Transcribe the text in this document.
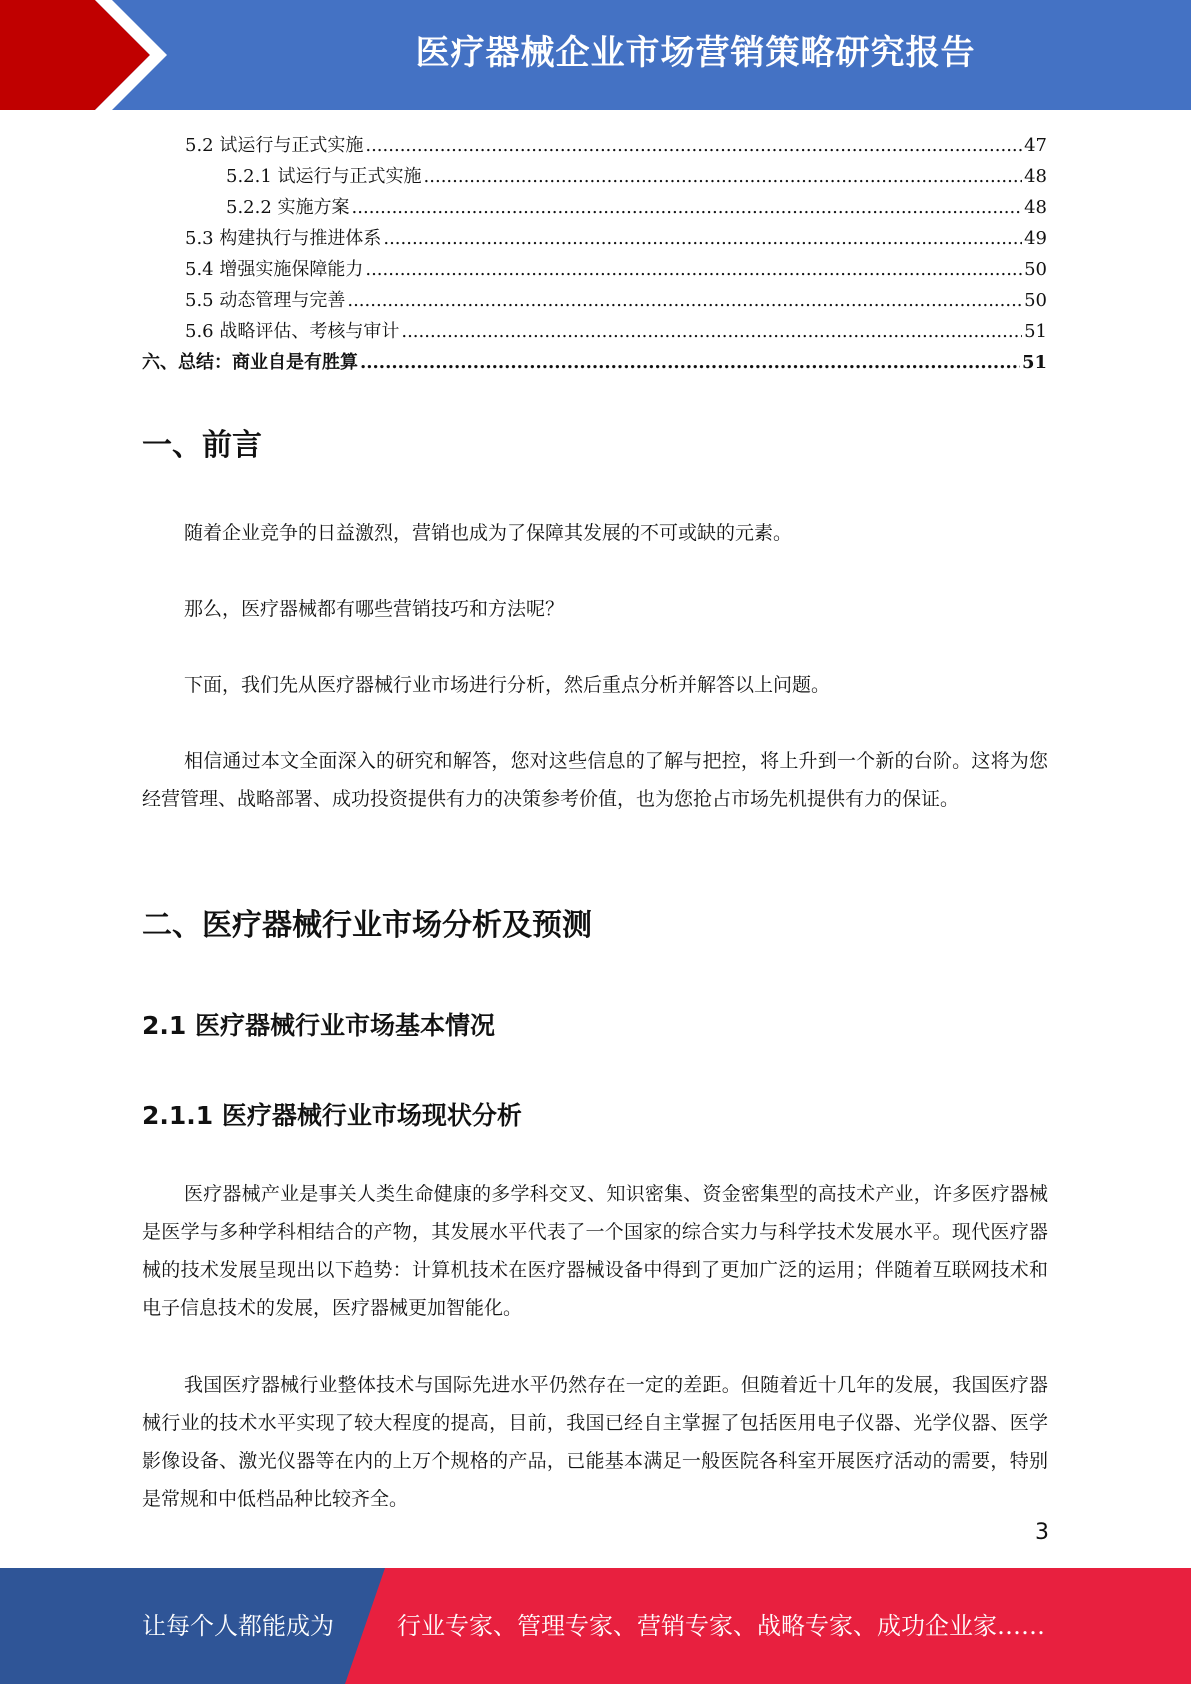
医疗器械企业市场营销策略研究报告
5.2 试运行与正式实施 .....	47
5.2.1 试运行与正式实施 .....	48
5.2.2 实施方案 .....	48
5.3 构建执行与推进体系 .....	49
5.4 增强实施保障能力 .....	50
5.5 动态管理与完善 .....	50
5.6 战略评估、考核与审计 .....	51
六、总结：商业自是有胜算 .....	51
一、前言
随着企业竞争的日益激烈，营销也成为了保障其发展的不可或缺的元素。
那么，医疗器械都有哪些营销技巧和方法呢？
下面，我们先从医疗器械行业市场进行分析，然后重点分析并解答以上问题。
相信通过本文全面深入的研究和解答，您对这些信息的了解与把控，将上升到一个新的台阶。这将为您经营管理、战略部署、成功投资提供有力的决策参考价值，也为您抢占市场先机提供有力的保证。
二、医疗器械行业市场分析及预测
2.1 医疗器械行业市场基本情况
2.1.1 医疗器械行业市场现状分析
医疗器械产业是事关人类生命健康的多学科交叉、知识密集、资金密集型的高技术产业，许多医疗器械是医学与多种学科相结合的产物，其发展水平代表了一个国家的综合实力与科学技术发展水平。现代医疗器械的技术发展呈现出以下趋势：计算机技术在医疗器械设备中得到了更加广泛的运用；伴随着互联网技术和电子信息技术的发展，医疗器械更加智能化。
我国医疗器械行业整体技术与国际先进水平仍然存在一定的差距。但随着近十几年的发展，我国医疗器械行业的技术水平实现了较大程度的提高，目前，我国已经自主掌握了包括医用电子仪器、光学仪器、医学影像设备、激光仪器等在内的上万个规格的产品，已能基本满足一般医院各科室开展医疗活动的需要，特别是常规和中低档品种比较齐全。
3
让每个人都能成为	行业专家、管理专家、营销专家、战略专家、成功企业家……
